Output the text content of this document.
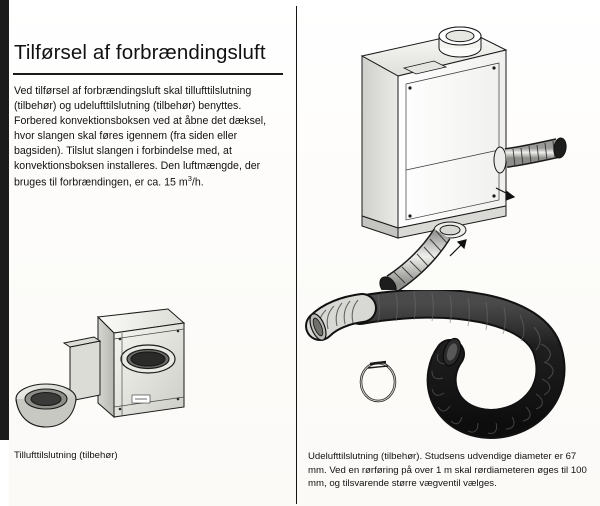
Tilførsel af forbrændingsluft
Ved tilførsel af forbrændingsluft skal tillufttilslutning (tilbehør) og udelufttilslutning (tilbehør) benyttes. Forbered konvektionsboksen ved at åbne det dæksel, hvor slangen skal føres igennem (fra siden eller bagsiden). Tilslut slangen i forbindelse med, at konvektionsboksen installeres. Den luftmængde, der bruges til forbrændingen, er ca. 15 $m^3/h$.
Tillufttilslutning (tilbehør)	Udelufttilslutning (tilbehør). Studsens udvendige diameter er 67 mm. Ved en rørføring på over 1 m skal rørdiameteren øges til 100 mm, og tilsvarende større vægventil vælges.
